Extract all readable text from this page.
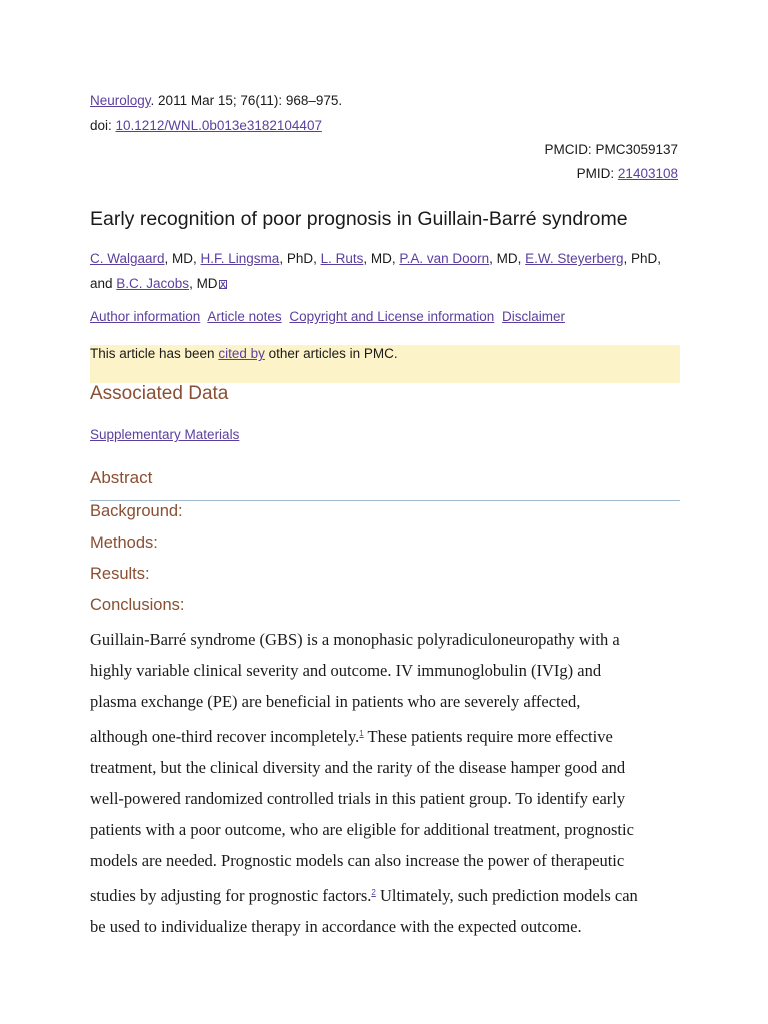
Neurology. 2011 Mar 15; 76(11): 968–975.
doi: 10.1212/WNL.0b013e3182104407
PMCID: PMC3059137
PMID: 21403108
Early recognition of poor prognosis in Guillain-Barré syndrome
C. Walgaard, MD, H.F. Lingsma, PhD, L. Ruts, MD, P.A. van Doorn, MD, E.W. Steyerberg, PhD, and B.C. Jacobs, MD
Author information Article notes Copyright and License information Disclaimer
This article has been cited by other articles in PMC.
Associated Data
Supplementary Materials
Abstract
Background:
Methods:
Results:
Conclusions:
Guillain-Barré syndrome (GBS) is a monophasic polyradiculoneuropathy with a
highly variable clinical severity and outcome. IV immunoglobulin (IVIg) and
plasma exchange (PE) are beneficial in patients who are severely affected,
although one-third recover incompletely.$^1$ These patients require more effective
treatment, but the clinical diversity and the rarity of the disease hamper good and
well-powered randomized controlled trials in this patient group. To identify early
patients with a poor outcome, who are eligible for additional treatment, prognostic
models are needed. Prognostic models can also increase the power of therapeutic
studies by adjusting for prognostic factors.$^2$ Ultimately, such prediction models can
be used to individualize therapy in accordance with the expected outcome.
